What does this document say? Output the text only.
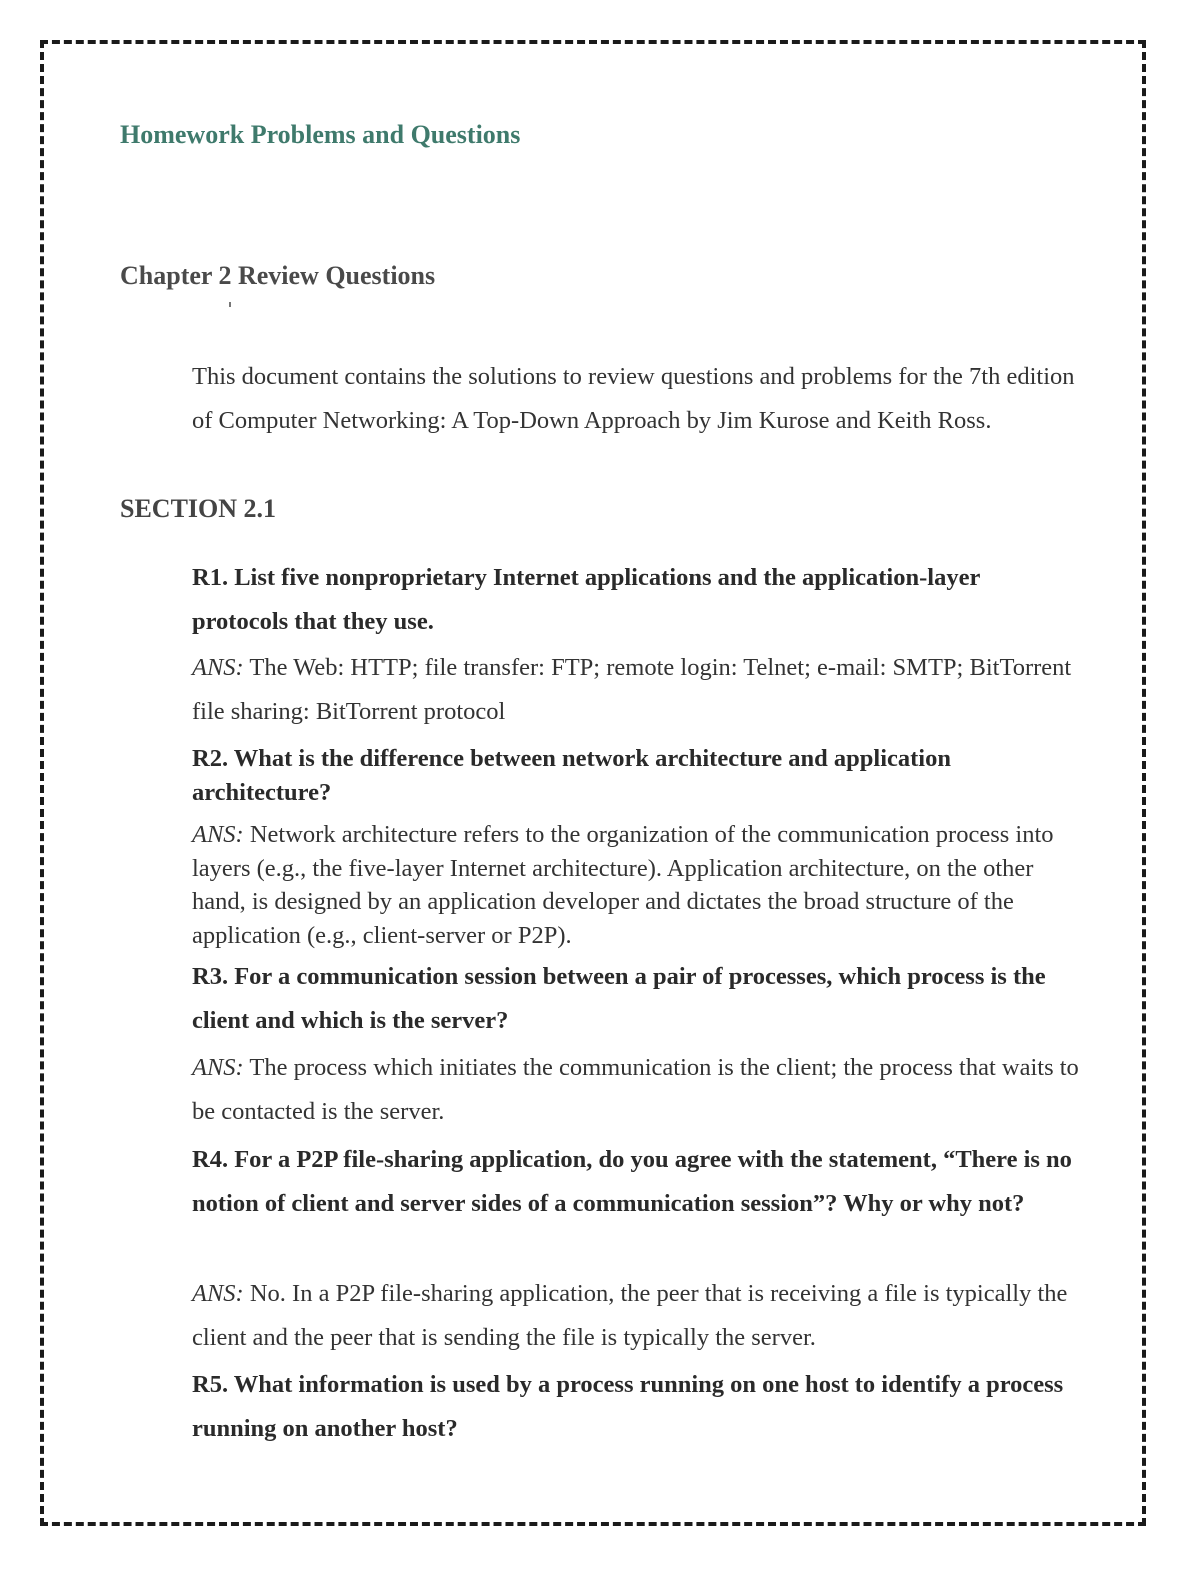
Homework Problems and Questions
Chapter 2 Review Questions

This document contains the solutions to review questions and problems for the 7th edition of Computer Networking: A Top-Down Approach by Jim Kurose and Keith Ross.

SECTION 2.1

R1. List five nonproprietary Internet applications and the application-layer protocols that they use.

ANS: The Web: HTTP; file transfer: FTP; remote login: Telnet; e-mail: SMTP; BitTorrent file sharing: BitTorrent protocol

R2. What is the difference between network architecture and application architecture?

ANS: Network architecture refers to the organization of the communication process into layers (e.g., the five-layer Internet architecture). Application architecture, on the other hand, is designed by an application developer and dictates the broad structure of the application (e.g., client-server or P2P).

R3. For a communication session between a pair of processes, which process is the client and which is the server?

ANS: The process which initiates the communication is the client; the process that waits to be contacted is the server.

R4. For a P2P file-sharing application, do you agree with the statement, “There is no notion of client and server sides of a communication session”? Why or why not?

ANS: No. In a P2P file-sharing application, the peer that is receiving a file is typically the client and the peer that is sending the file is typically the server.

R5. What information is used by a process running on one host to identify a process running on another host?
